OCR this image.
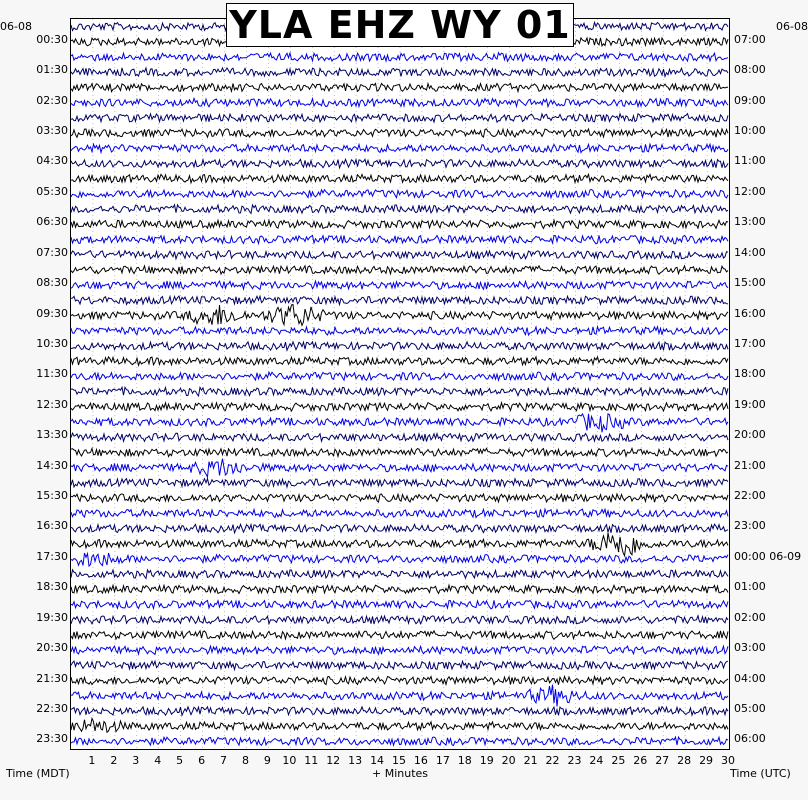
YLA EHZ WY 01
06-08	06-08
00:30
01:30
02:30
03:30
04:30
05:30
06:30
07:30
08:30
09:30
10:30
11:30
12:30
13:30
14:30
15:30
16:30
17:30
18:30
19:30
20:30
21:30
22:30
23:30
07:00
08:00
09:00
10:00
11:00
12:00
13:00
14:00
15:00
16:00
17:00
18:00
19:00
20:00
21:00
22:00
23:00
00:00 06-09
01:00
02:00
03:00
04:00
05:00
06:00
1	2	3	4	5	6	7	8	9	10 11 12 13 14 15 16 17 18 19 20 21 22 23 24 25 26 27 28 29 30
Time (MDT)	+ Minutes	Time (UTC)
